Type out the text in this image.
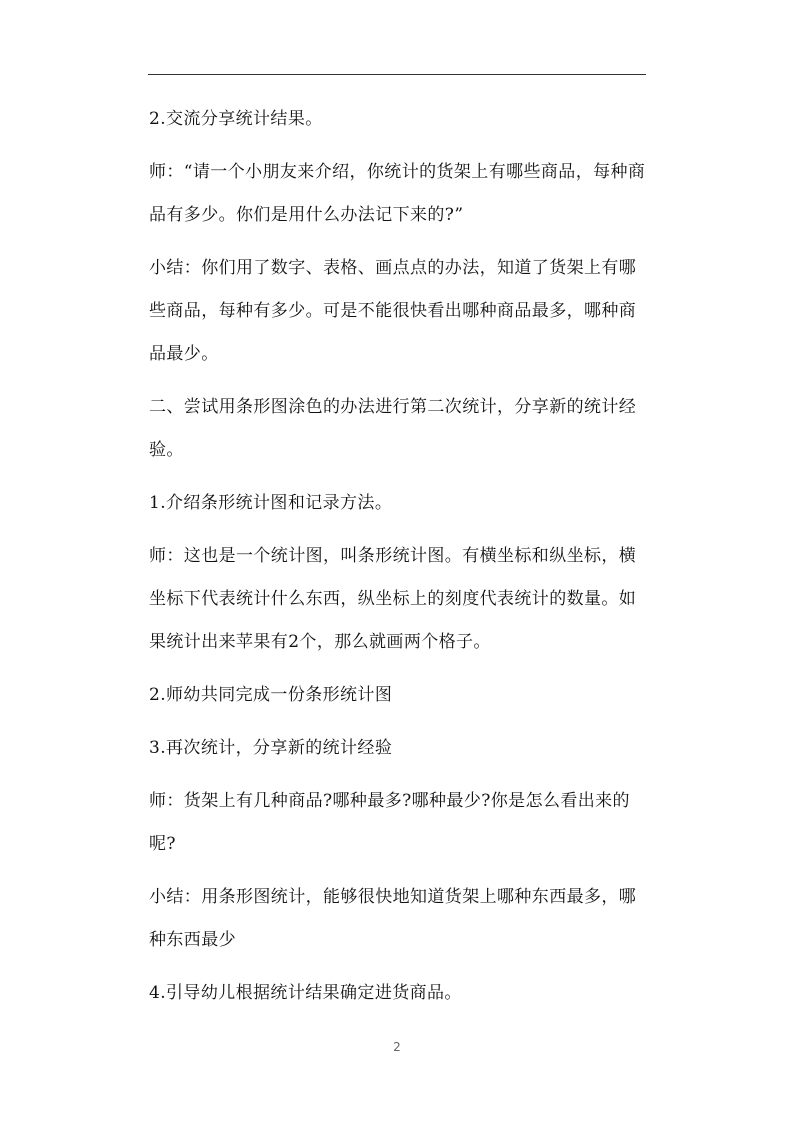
2.交流分享统计结果。

师：“请一个小朋友来介绍，你统计的货架上有哪些商品，每种商品有多少。你们是用什么办法记下来的?”

小结：你们用了数字、表格、画点点的办法，知道了货架上有哪些商品，每种有多少。可是不能很快看出哪种商品最多，哪种商品最少。

二、尝试用条形图涂色的办法进行第二次统计，分享新的统计经验。

1.介绍条形统计图和记录方法。

师：这也是一个统计图，叫条形统计图。有横坐标和纵坐标，横坐标下代表统计什么东西，纵坐标上的刻度代表统计的数量。如果统计出来苹果有2个，那么就画两个格子。

2.师幼共同完成一份条形统计图

3.再次统计，分享新的统计经验

师：货架上有几种商品?哪种最多?哪种最少?你是怎么看出来的呢?

小结：用条形图统计，能够很快地知道货架上哪种东西最多，哪种东西最少

4.引导幼儿根据统计结果确定进货商品。

2
